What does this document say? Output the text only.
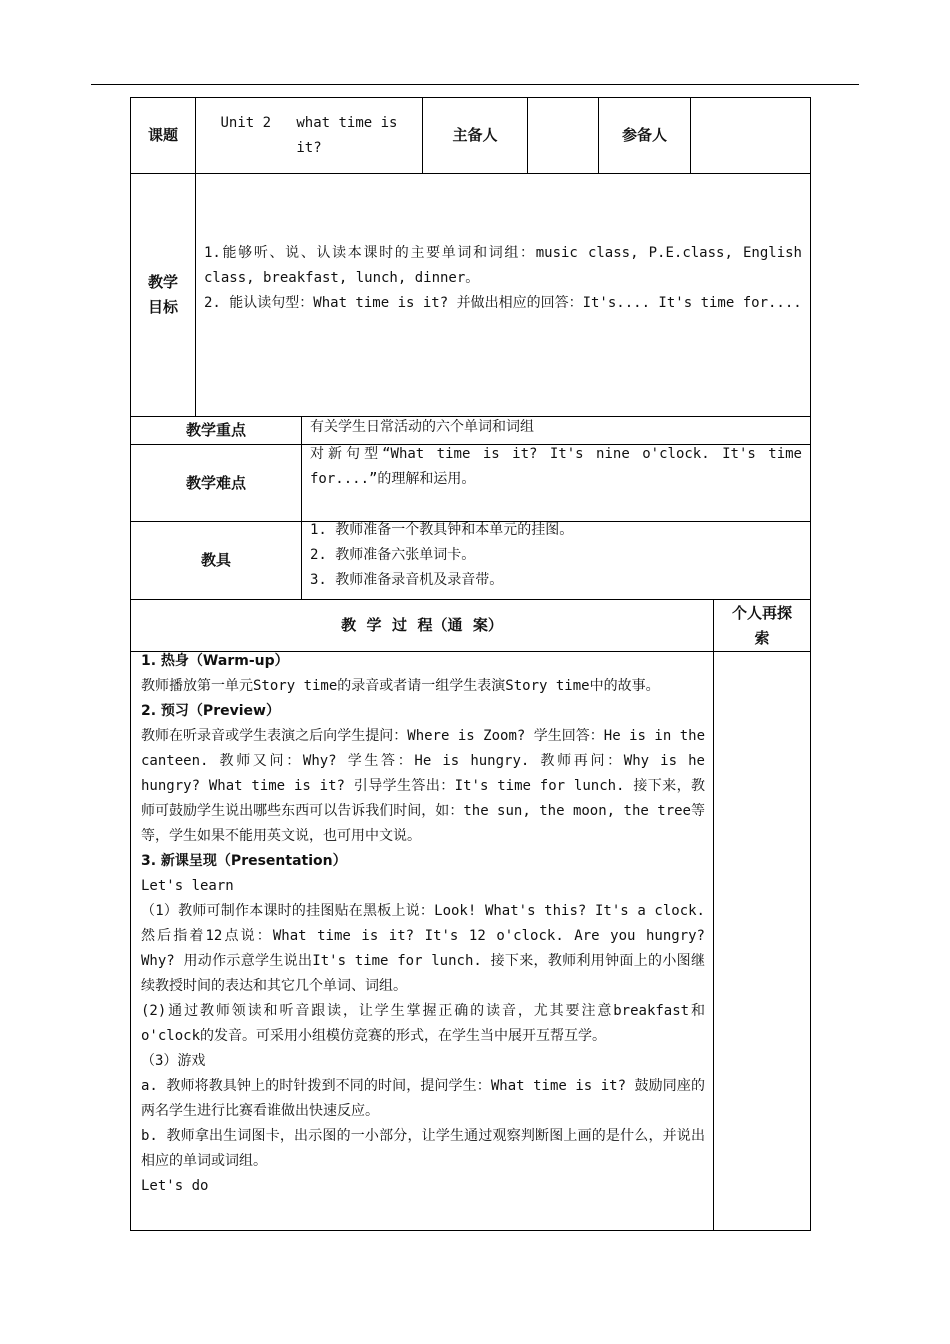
课题
Unit 2   what time is
it?
主备人	参备人
教学
目标

1.能够听、说、认读本课时的主要单词和词组：music class, P.E.class, English class, breakfast, lunch, dinner。

2. 能认读句型：What time is it? 并做出相应的回答：It's.... It's time for....

教学重点	有关学生日常活动的六个单词和词组
教学难点

对新句型“What time is it? It's nine o'clock. It's time for....”的理解和运用。

教具
1. 教师准备一个教具钟和本单元的挂图。
2. 教师准备六张单词卡。
3. 教师准备录音机及录音带。
教  学  过  程（通  案）
个人再探索
1. 热身（Warm-up）

教师播放第一单元Story time的录音或者请一组学生表演Story time中的故事。

2. 预习（Preview）

教师在听录音或学生表演之后向学生提问：Where is Zoom? 学生回答：He is in the canteen. 教师又问：Why? 学生答：He is hungry. 教师再问：Why is he hungry? What time is it? 引导学生答出：It's time for lunch. 接下来，教师可鼓励学生说出哪些东西可以告诉我们时间，如：the sun, the moon, the tree等等，学生如果不能用英文说，也可用中文说。

3. 新课呈现（Presentation）
Let's learn

（1）教师可制作本课时的挂图贴在黑板上说：Look! What's this? It's a clock. 然后指着12点说：What time is it? It's 12 o'clock. Are you hungry? Why? 用动作示意学生说出It's time for lunch. 接下来，教师利用钟面上的小图继续教授时间的表达和其它几个单词、词组。

(2)通过教师领读和听音跟读，让学生掌握正确的读音，尤其要注意breakfast和 o'clock的发音。可采用小组模仿竞赛的形式，在学生当中展开互帮互学。

（3）游戏

a. 教师将教具钟上的时针拨到不同的时间，提问学生：What time is it? 鼓励同座的两名学生进行比赛看谁做出快速反应。

b. 教师拿出生词图卡，出示图的一小部分，让学生通过观察判断图上画的是什么，并说出相应的单词或词组。

Let's do
